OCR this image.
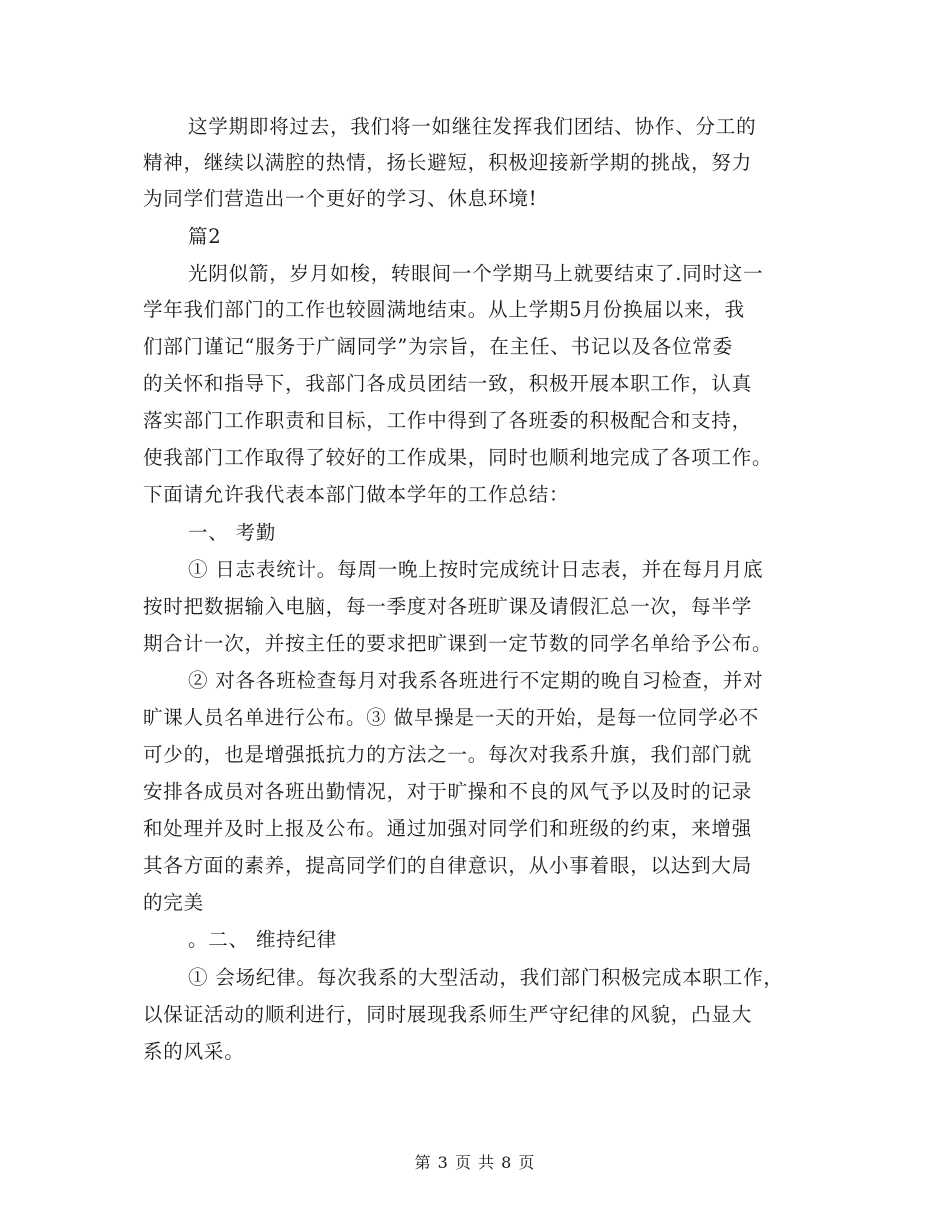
这学期即将过去，我们将一如继往发挥我们团结、协作、分工的
精神，继续以满腔的热情，扬长避短，积极迎接新学期的挑战，努力
为同学们营造出一个更好的学习、休息环境!
篇2
光阴似箭，岁月如梭，转眼间一个学期马上就要结束了.同时这一
学年我们部门的工作也较圆满地结束。从上学期5月份换届以来，我
们部门谨记“服务于广阔同学”为宗旨，在主任、书记以及各位常委
的关怀和指导下，我部门各成员团结一致，积极开展本职工作，认真
落实部门工作职责和目标，工作中得到了各班委的积极配合和支持，
使我部门工作取得了较好的工作成果，同时也顺利地完成了各项工作。
下面请允许我代表本部门做本学年的工作总结：
一、 考勤
① 日志表统计。每周一晚上按时完成统计日志表，并在每月月底
按时把数据输入电脑，每一季度对各班旷课及请假汇总一次，每半学
期合计一次，并按主任的要求把旷课到一定节数的同学名单给予公布。
② 对各各班检查每月对我系各班进行不定期的晚自习检查，并对
旷课人员名单进行公布。③ 做早操是一天的开始，是每一位同学必不
可少的，也是增强抵抗力的方法之一。每次对我系升旗，我们部门就
安排各成员对各班出勤情况，对于旷操和不良的风气予以及时的记录
和处理并及时上报及公布。通过加强对同学们和班级的约束，来增强
其各方面的素养，提高同学们的自律意识，从小事着眼，以达到大局
的完美
。二、 维持纪律
① 会场纪律。每次我系的大型活动，我们部门积极完成本职工作，
以保证活动的顺利进行，同时展现我系师生严守纪律的风貌，凸显大
系的风采。
第 3 页 共 8 页
